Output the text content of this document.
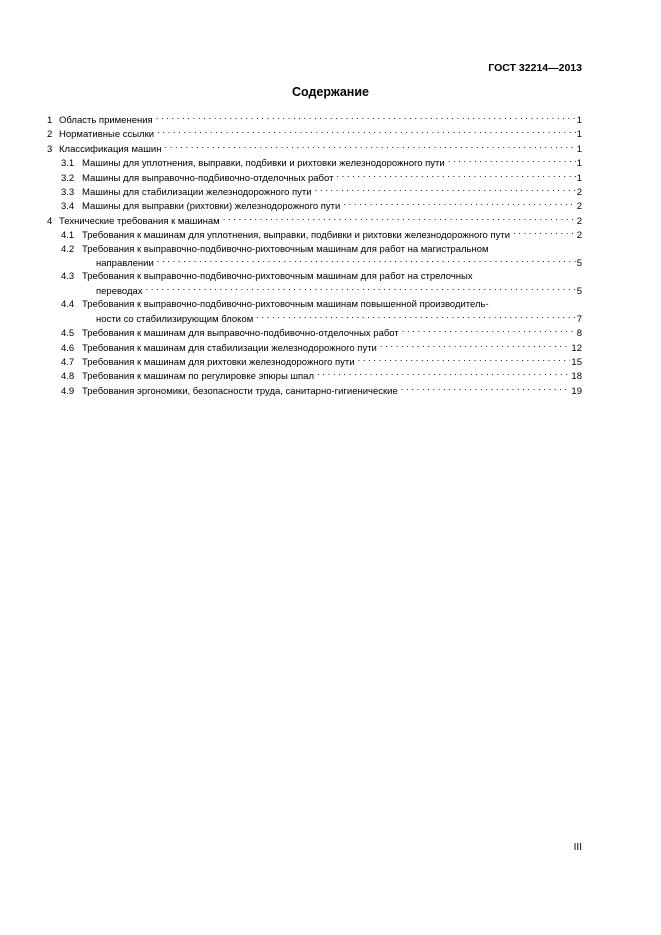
ГОСТ 32214—2013
Содержание
1 Область применения . . .	1
2 Нормативные ссылки . . .	1
3 Классификация машин . . .	1
3.1 Машины для уплотнения, выправки, подбивки и рихтовки железнодорожного пути . . .	1
3.2 Машины для выправочно-подбивочно-отделочных работ . . .	1
3.3 Машины для стабилизации железнодорожного пути . . .	2
3.4 Машины для выправки (рихтовки) железнодорожного пути . . .	2
4 Технические требования к машинам . . .	2
4.1 Требования к машинам для уплотнения, выправки, подбивки и рихтовки железнодорожного пути . . .	2
4.2 Требования к выправочно-подбивочно-рихтовочным машинам для работ на магистральном
направлении . . .	5
4.3 Требования к выправочно-подбивочно-рихтовочным машинам для работ на стрелочных
переводах . . .	5
4.4 Требования к выправочно-подбивочно-рихтовочным машинам повышенной производитель-
ности со стабилизирующим блоком . . .	7
4.5 Требования к машинам для выправочно-подбивочно-отделочных работ . . .	8
4.6 Требования к машинам для стабилизации железнодорожного пути . . .	12
4.7 Требования к машинам для рихтовки железнодорожного пути . . .	15
4.8 Требования к машинам по регулировке эпюры шпал . . .	18
4.9 Требования эргономики, безопасности труда, санитарно-гигиенические . . .	19
III
